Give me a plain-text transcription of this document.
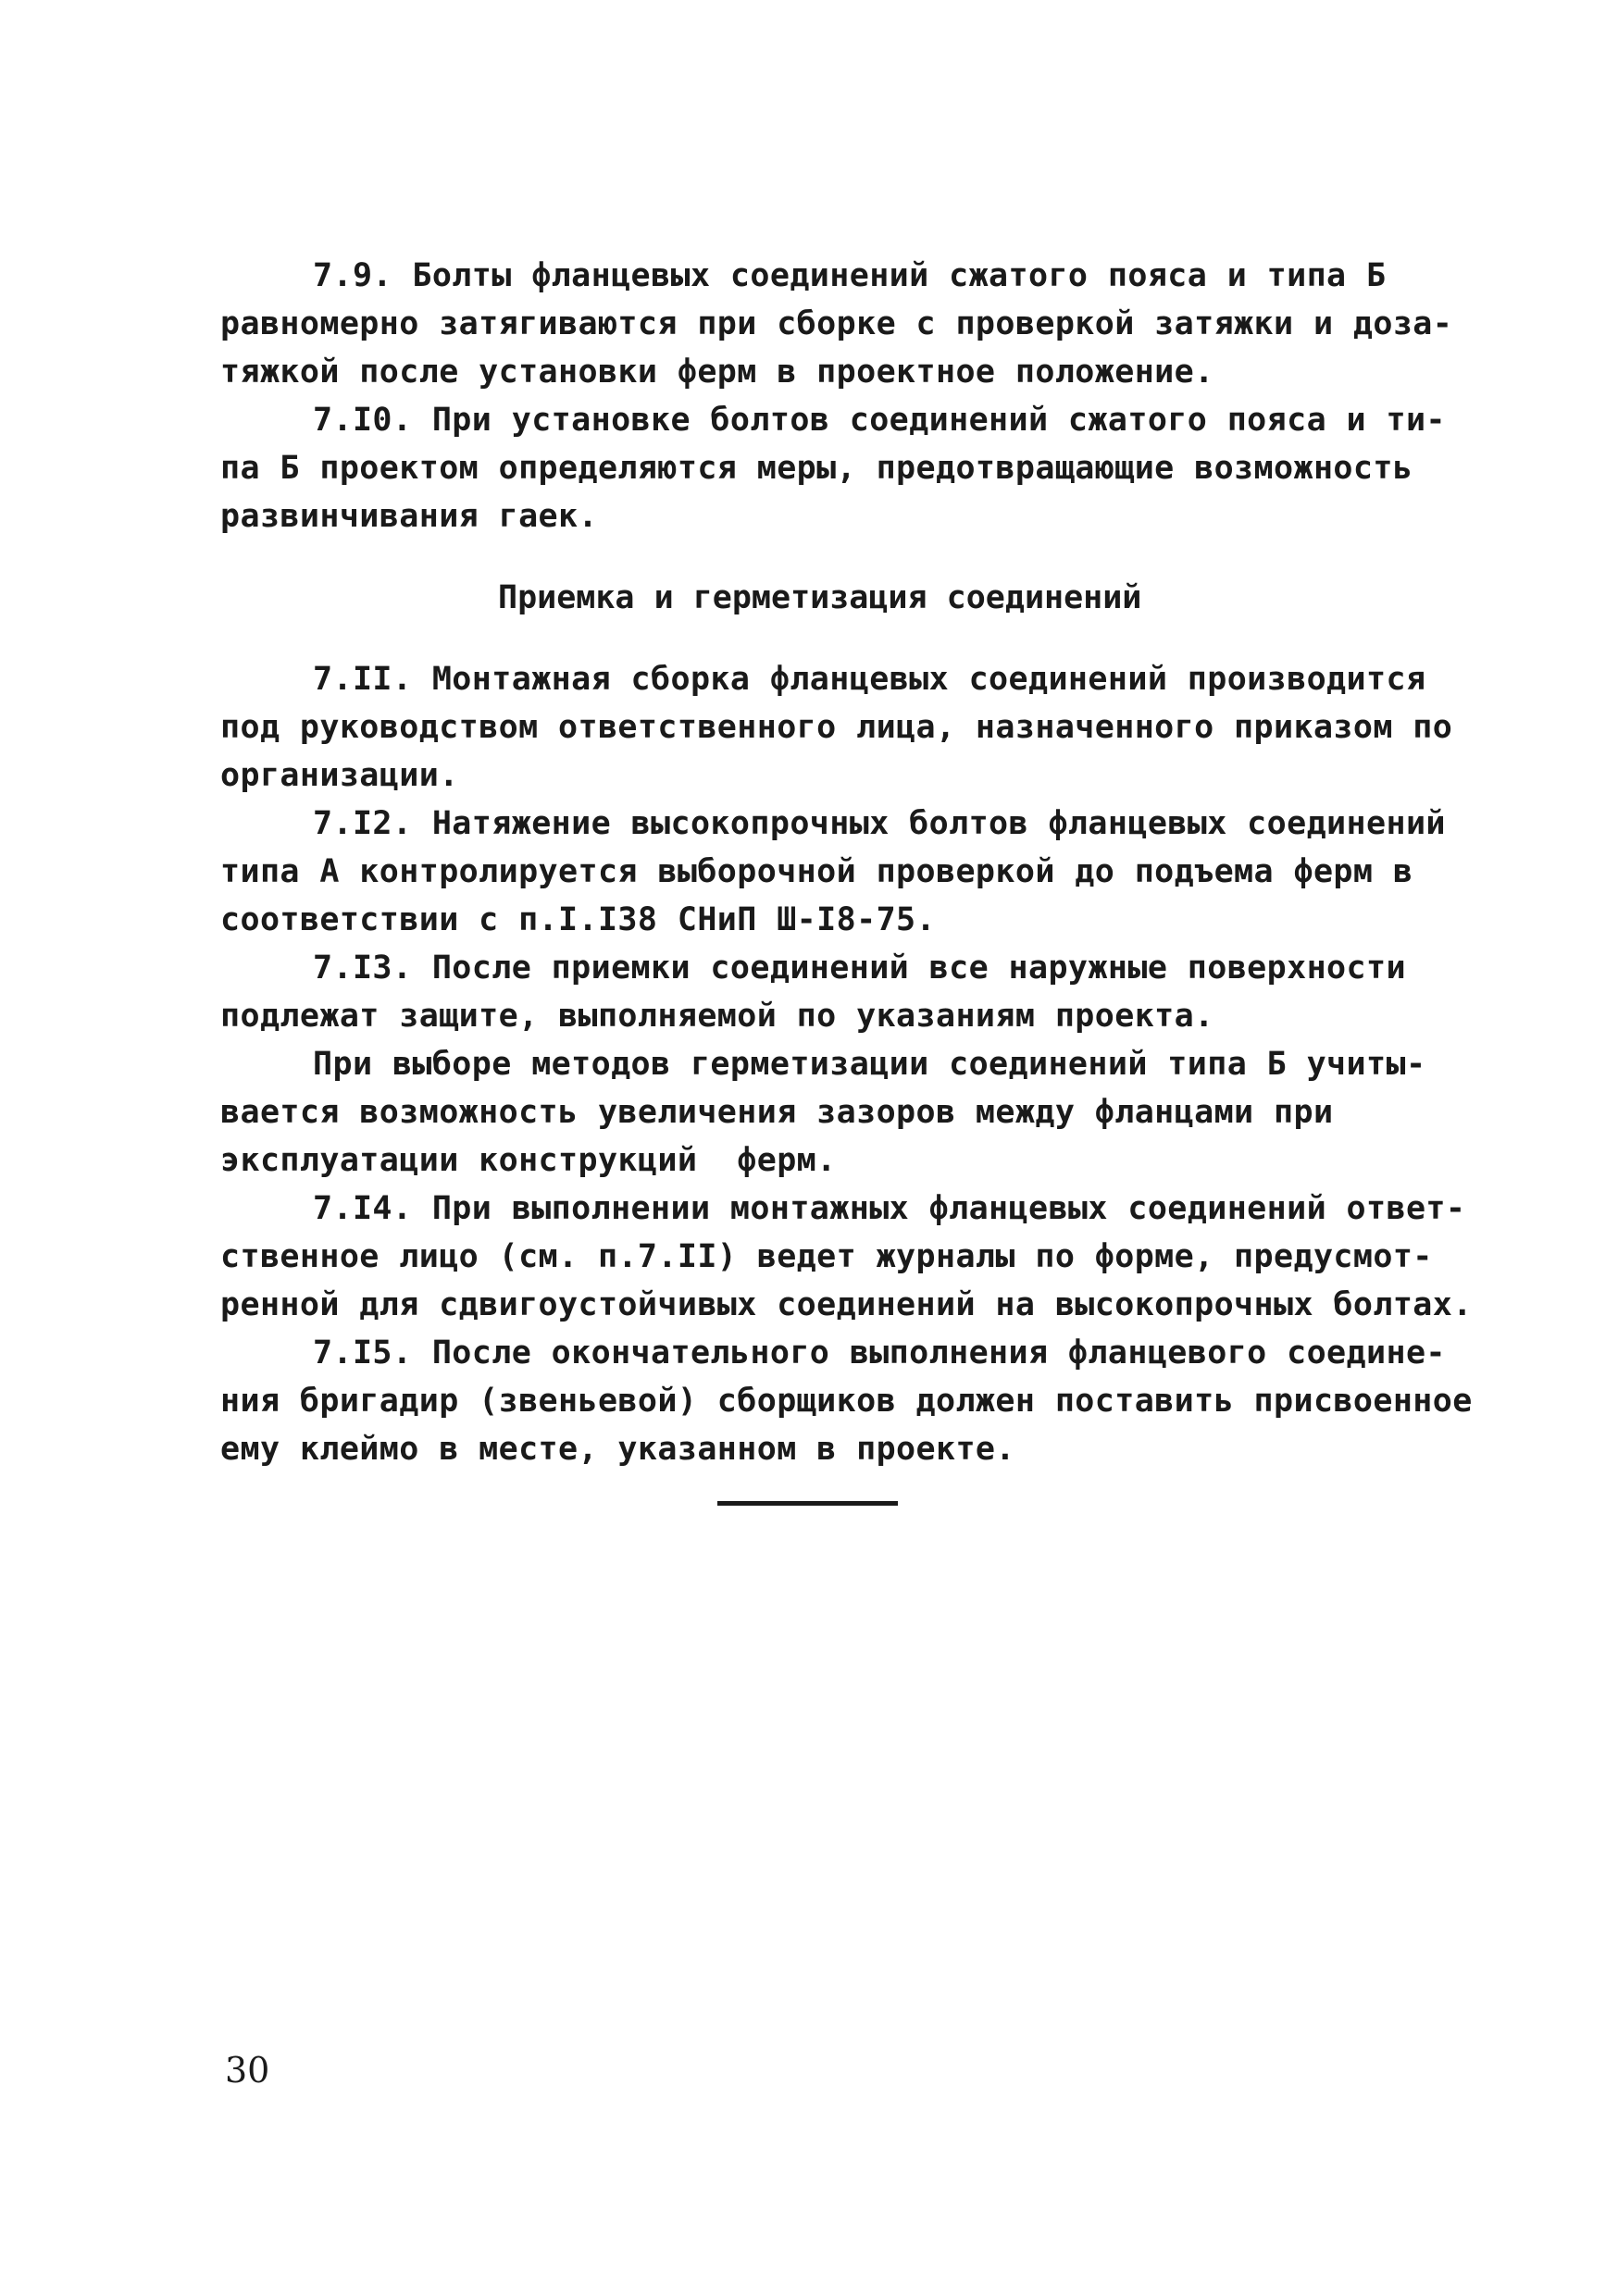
7.9. Болты фланцевых соединений сжатого пояса и типа Б
равномерно затягиваются при сборке с проверкой затяжки и доза-
тяжкой после установки ферм в проектное положение.
7.I0. При установке болтов соединений сжатого пояса и ти-
па Б проектом определяются меры, предотвращающие возможность
развинчивания гаек.
Приемка и герметизация соединений
7.II. Монтажная сборка фланцевых соединений производится
под руководством ответственного лица, назначенного приказом по
организации.
7.I2. Натяжение высокопрочных болтов фланцевых соединений
типа А контролируется выборочной проверкой до подъема ферм в
соответствии с п.I.I38 СНиП Ш-I8-75.
7.I3. После приемки соединений все наружные поверхности
подлежат защите, выполняемой по указаниям проекта.
При выборе методов герметизации соединений типа Б учиты-
вается возможность увеличения зазоров между фланцами при
эксплуатации конструкций  ферм.
7.I4. При выполнении монтажных фланцевых соединений ответ-
ственное лицо (см. п.7.II) ведет журналы по форме, предусмот-
ренной для сдвигоустойчивых соединений на высокопрочных болтах.
7.I5. После окончательного выполнения фланцевого соедине-
ния бригадир (звеньевой) сборщиков должен поставить присвоенное
ему клеймо в месте, указанном в проекте.
30
